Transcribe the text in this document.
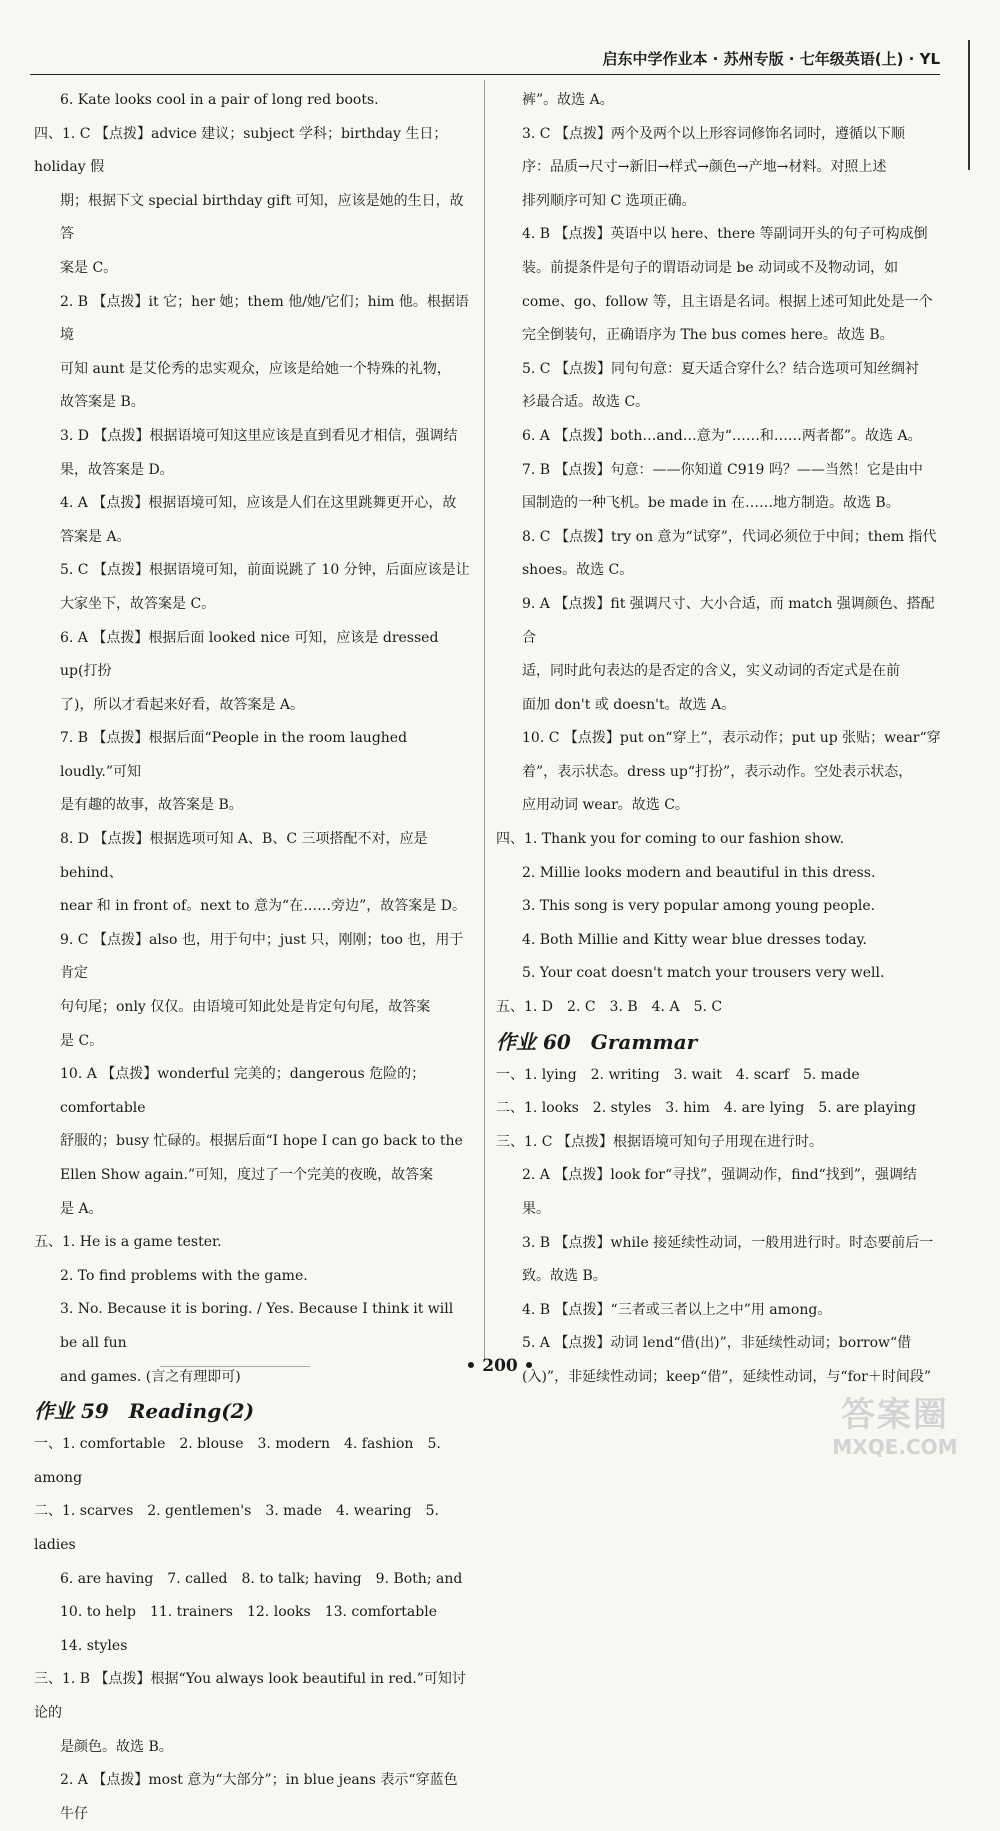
启东中学作业本 · 苏州专版 · 七年级英语(上) · YL
6. Kate looks cool in a pair of long red boots.
四、1. C 【点拨】advice 建议；subject 学科；birthday 生日；holiday 假
期；根据下文 special birthday gift 可知，应该是她的生日，故答
案是 C。
2. B 【点拨】it 它；her 她；them 他/她/它们；him 他。根据语境
可知 aunt 是艾伦秀的忠实观众，应该是给她一个特殊的礼物，
故答案是 B。
3. D 【点拨】根据语境可知这里应该是直到看见才相信，强调结
果，故答案是 D。
4. A 【点拨】根据语境可知，应该是人们在这里跳舞更开心，故
答案是 A。
5. C 【点拨】根据语境可知，前面说跳了 10 分钟，后面应该是让
大家坐下，故答案是 C。
6. A 【点拨】根据后面 looked nice 可知，应该是 dressed up(打扮
了)，所以才看起来好看，故答案是 A。
7. B 【点拨】根据后面“People in the room laughed loudly.”可知
是有趣的故事，故答案是 B。
8. D 【点拨】根据选项可知 A、B、C 三项搭配不对，应是 behind、
near 和 in front of。next to 意为“在……旁边”，故答案是 D。
9. C 【点拨】also 也，用于句中；just 只，刚刚；too 也，用于肯定
句句尾；only 仅仅。由语境可知此处是肯定句句尾，故答案
是 C。
10. A 【点拨】wonderful 完美的；dangerous 危险的；comfortable
舒服的；busy 忙碌的。根据后面“I hope I can go back to the
Ellen Show again.”可知，度过了一个完美的夜晚，故答案
是 A。
五、1. He is a game tester.
2. To find problems with the game.
3. No. Because it is boring. / Yes. Because I think it will be all fun
and games. (言之有理即可)
作业 59　Reading(2)
一、1. comfortable　2. blouse　3. modern　4. fashion　5. among
二、1. scarves　2. gentlemen's　3. made　4. wearing　5. ladies
6. are having　7. called　8. to talk; having　9. Both; and
10. to help　11. trainers　12. looks　13. comfortable　14. styles
三、1. B 【点拨】根据“You always look beautiful in red.”可知讨论的
是颜色。故选 B。
2. A 【点拨】most 意为“大部分”；in blue jeans 表示“穿蓝色牛仔
裤”。故选 A。
3. C 【点拨】两个及两个以上形容词修饰名词时，遵循以下顺
序：品质→尺寸→新旧→样式→颜色→产地→材料。对照上述
排列顺序可知 C 选项正确。
4. B 【点拨】英语中以 here、there 等副词开头的句子可构成倒
装。前提条件是句子的谓语动词是 be 动词或不及物动词，如
come、go、follow 等，且主语是名词。根据上述可知此处是一个
完全倒装句，正确语序为 The bus comes here。故选 B。
5. C 【点拨】同句句意：夏天适合穿什么？结合选项可知丝绸衬
衫最合适。故选 C。
6. A 【点拨】both…and…意为“……和……两者都”。故选 A。
7. B 【点拨】句意：——你知道 C919 吗？——当然！它是由中
国制造的一种飞机。be made in 在……地方制造。故选 B。
8. C 【点拨】try on 意为“试穿”，代词必须位于中间；them 指代
shoes。故选 C。
9. A 【点拨】fit 强调尺寸、大小合适，而 match 强调颜色、搭配合
适，同时此句表达的是否定的含义，实义动词的否定式是在前
面加 don't 或 doesn't。故选 A。
10. C 【点拨】put on“穿上”，表示动作；put up 张贴；wear“穿
着”，表示状态。dress up“打扮”，表示动作。空处表示状态，
应用动词 wear。故选 C。
四、1. Thank you for coming to our fashion show.
2. Millie looks modern and beautiful in this dress.
3. This song is very popular among young people.
4. Both Millie and Kitty wear blue dresses today.
5. Your coat doesn't match your trousers very well.
五、1. D　2. C　3. B　4. A　5. C
作业 60　Grammar
一、1. lying　2. writing　3. wait　4. scarf　5. made
二、1. looks　2. styles　3. him　4. are lying　5. are playing
三、1. C 【点拨】根据语境可知句子用现在进行时。
2. A 【点拨】look for“寻找”，强调动作，find“找到”，强调结果。
3. B 【点拨】while 接延续性动词，一般用进行时。时态要前后一
致。故选 B。
4. B 【点拨】“三者或三者以上之中”用 among。
5. A 【点拨】动词 lend“借(出)”，非延续性动词；borrow“借
(入)”，非延续性动词；keep“借”，延续性动词，与“for＋时间段”
• 200 •
答案圈
MXQE.COM
